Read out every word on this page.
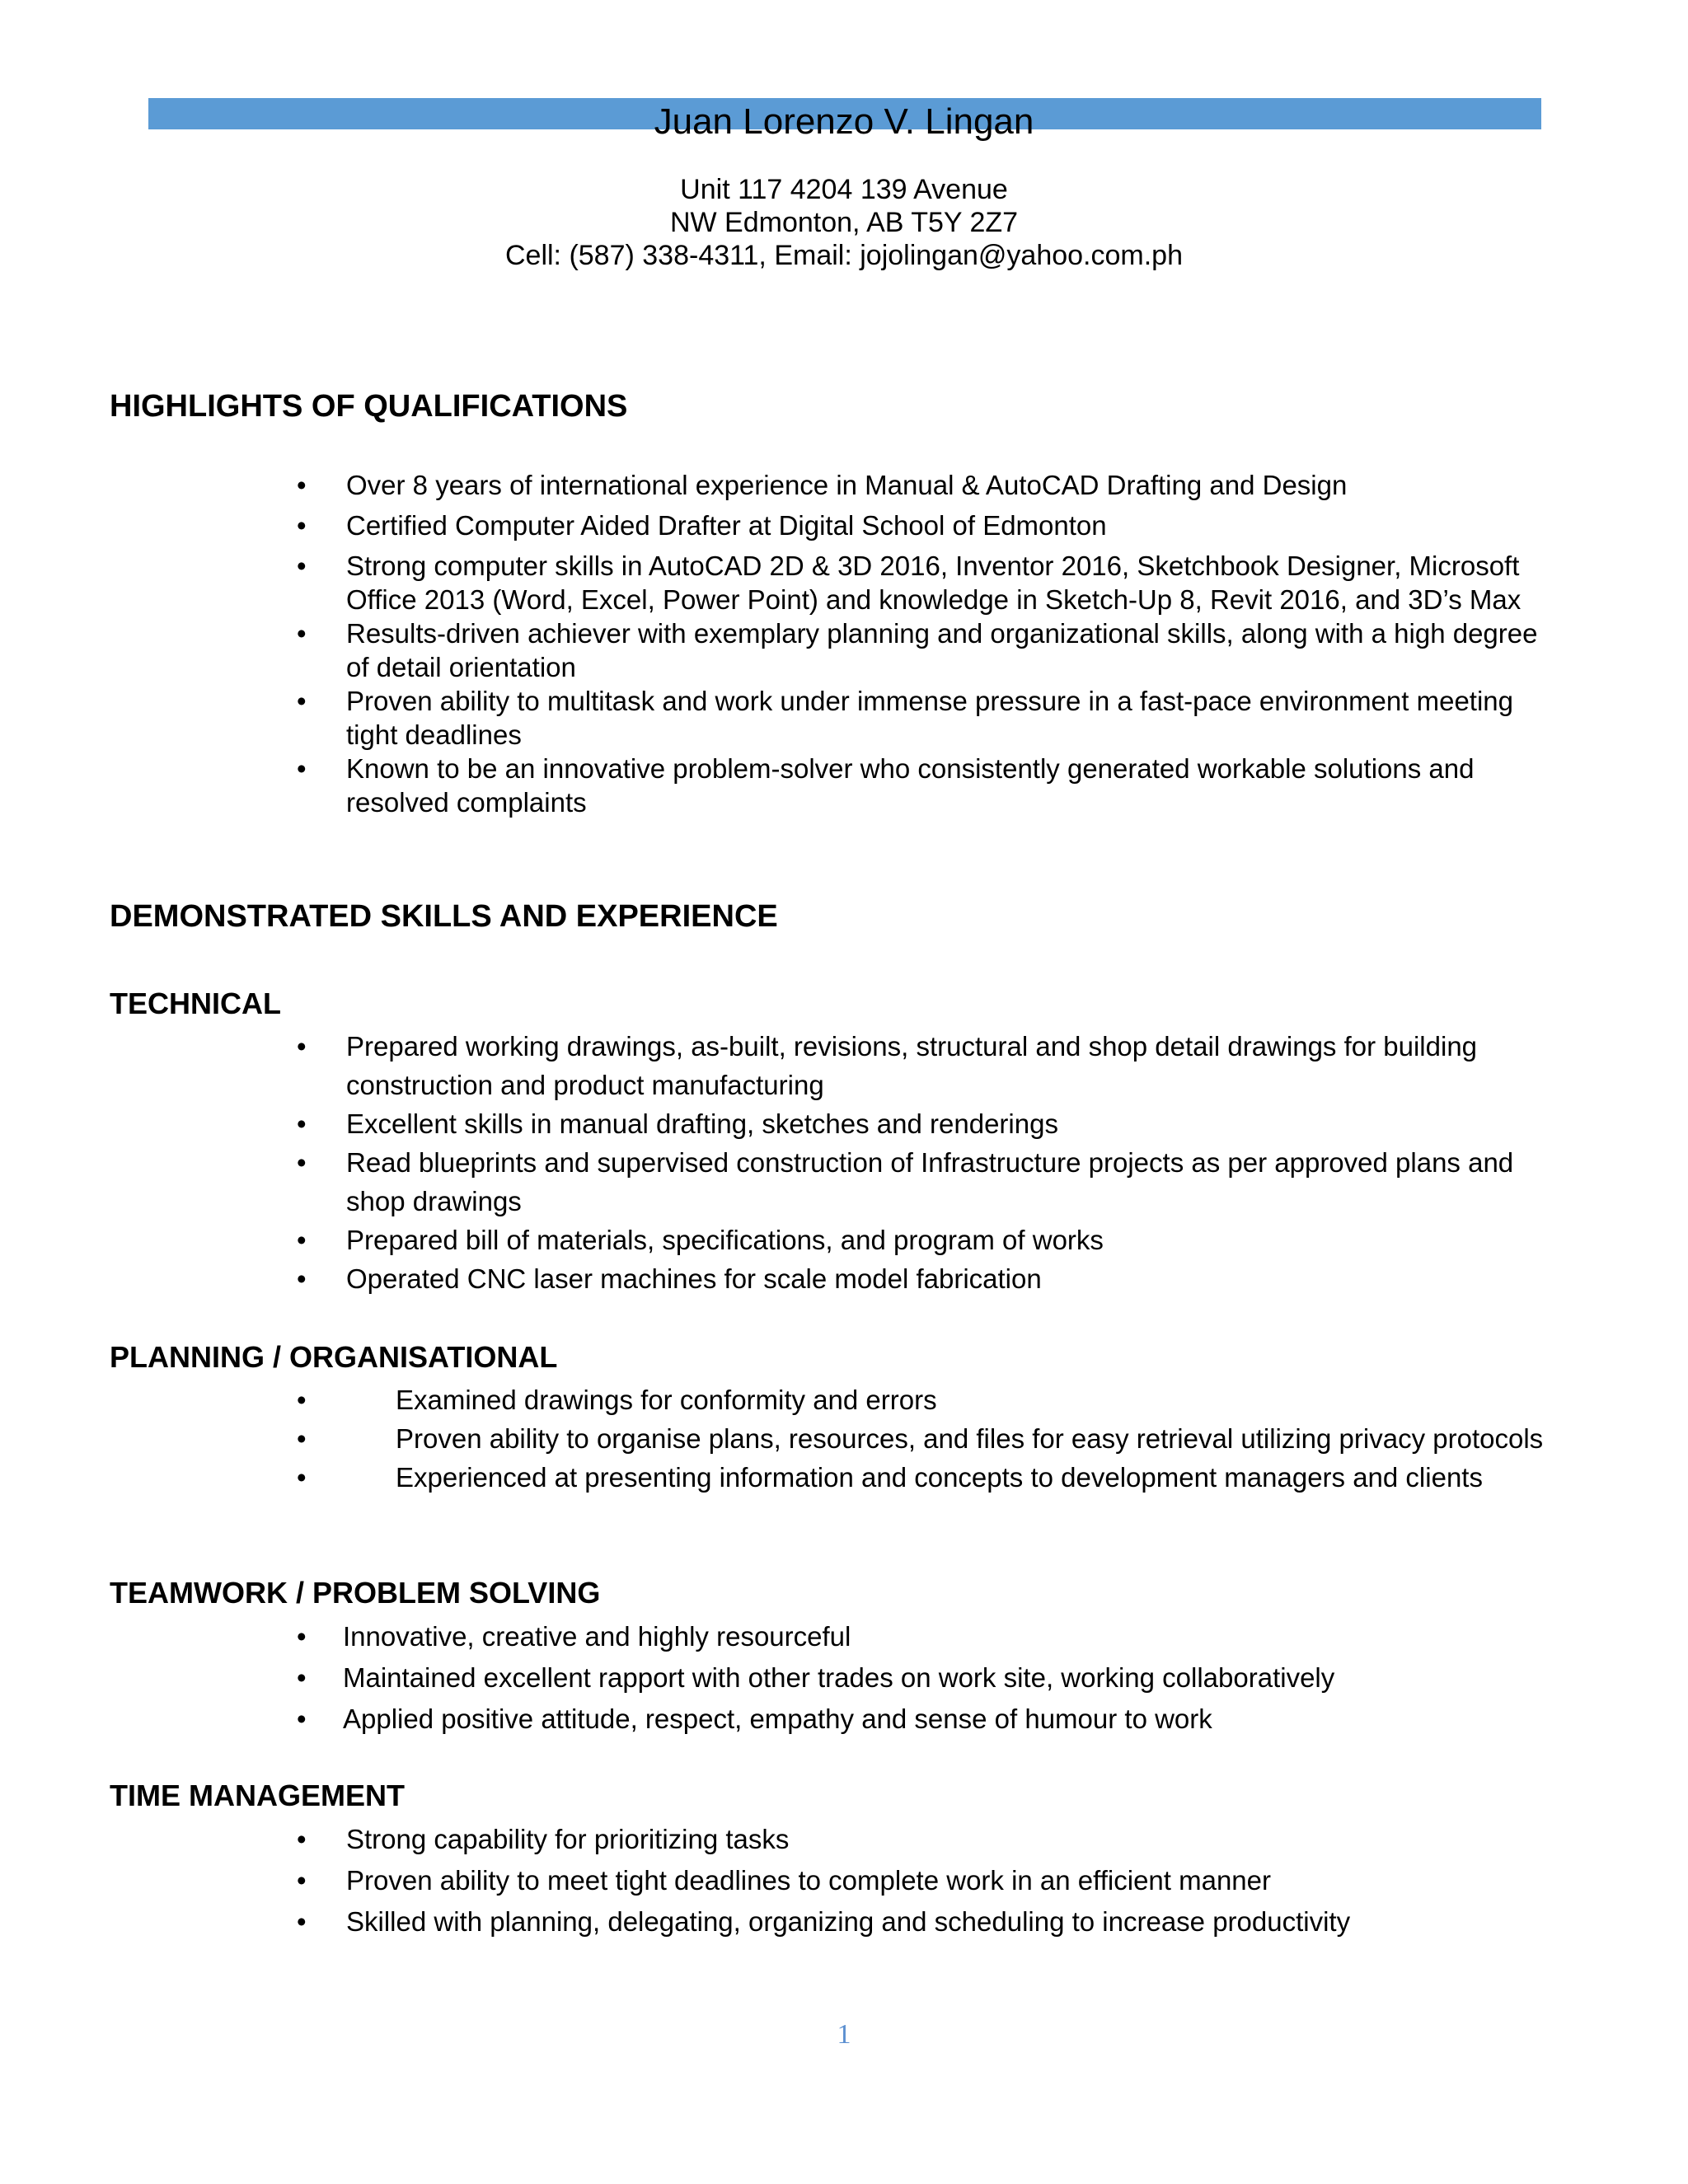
Juan Lorenzo V. Lingan
Unit 117 4204 139 Avenue
NW Edmonton, AB T5Y 2Z7
Cell: (587) 338-4311, Email: jojolingan@yahoo.com.ph
HIGHLIGHTS OF QUALIFICATIONS
• Over 8 years of international experience in Manual & AutoCAD Drafting and Design
• Certified Computer Aided Drafter at Digital School of Edmonton
• Strong computer skills in AutoCAD 2D & 3D 2016, Inventor 2016, Sketchbook Designer, Microsoft Office 2013 (Word, Excel, Power Point) and knowledge in Sketch-Up 8, Revit 2016, and 3D’s Max
• Results-driven achiever with exemplary planning and organizational skills, along with a high degree of detail orientation
• Proven ability to multitask and work under immense pressure in a fast-pace environment meeting tight deadlines
• Known to be an innovative problem-solver who consistently generated workable solutions and resolved complaints
DEMONSTRATED SKILLS AND EXPERIENCE
TECHNICAL
• Prepared working drawings, as-built, revisions, structural and shop detail drawings for building construction and product manufacturing
• Excellent skills in manual drafting, sketches and renderings
• Read blueprints and supervised construction of Infrastructure projects as per approved plans and shop drawings
• Prepared bill of materials, specifications, and program of works
• Operated CNC laser machines for scale model fabrication
PLANNING / ORGANISATIONAL
•	Examined drawings for conformity and errors
•	Proven ability to organise plans, resources, and files for easy retrieval utilizing privacy protocols
•	Experienced at presenting information and concepts to development managers and clients
TEAMWORK / PROBLEM SOLVING
• Innovative, creative and highly resourceful
• Maintained excellent rapport with other trades on work site, working collaboratively
• Applied positive attitude, respect, empathy and sense of humour to work
TIME MANAGEMENT
• Strong capability for prioritizing tasks
• Proven ability to meet tight deadlines to complete work in an efficient manner
• Skilled with planning, delegating, organizing and scheduling to increase productivity
1
